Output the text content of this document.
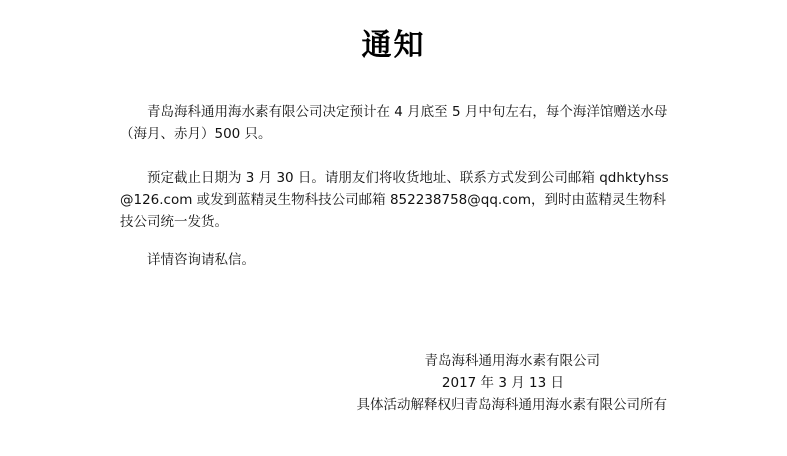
通知

青岛海科通用海水素有限公司决定预计在 4 月底至 5 月中旬左右，每个海洋馆赠送水母（海月、赤月）500 只。

预定截止日期为 3 月 30 日。请朋友们将收货地址、联系方式发到公司邮箱 qdhktyhss@126.com 或发到蓝精灵生物科技公司邮箱 852238758@qq.com，到时由蓝精灵生物科技公司统一发货。

详情咨询请私信。

青岛海科通用海水素有限公司
2017 年 3 月 13 日
具体活动解释权归青岛海科通用海水素有限公司所有
